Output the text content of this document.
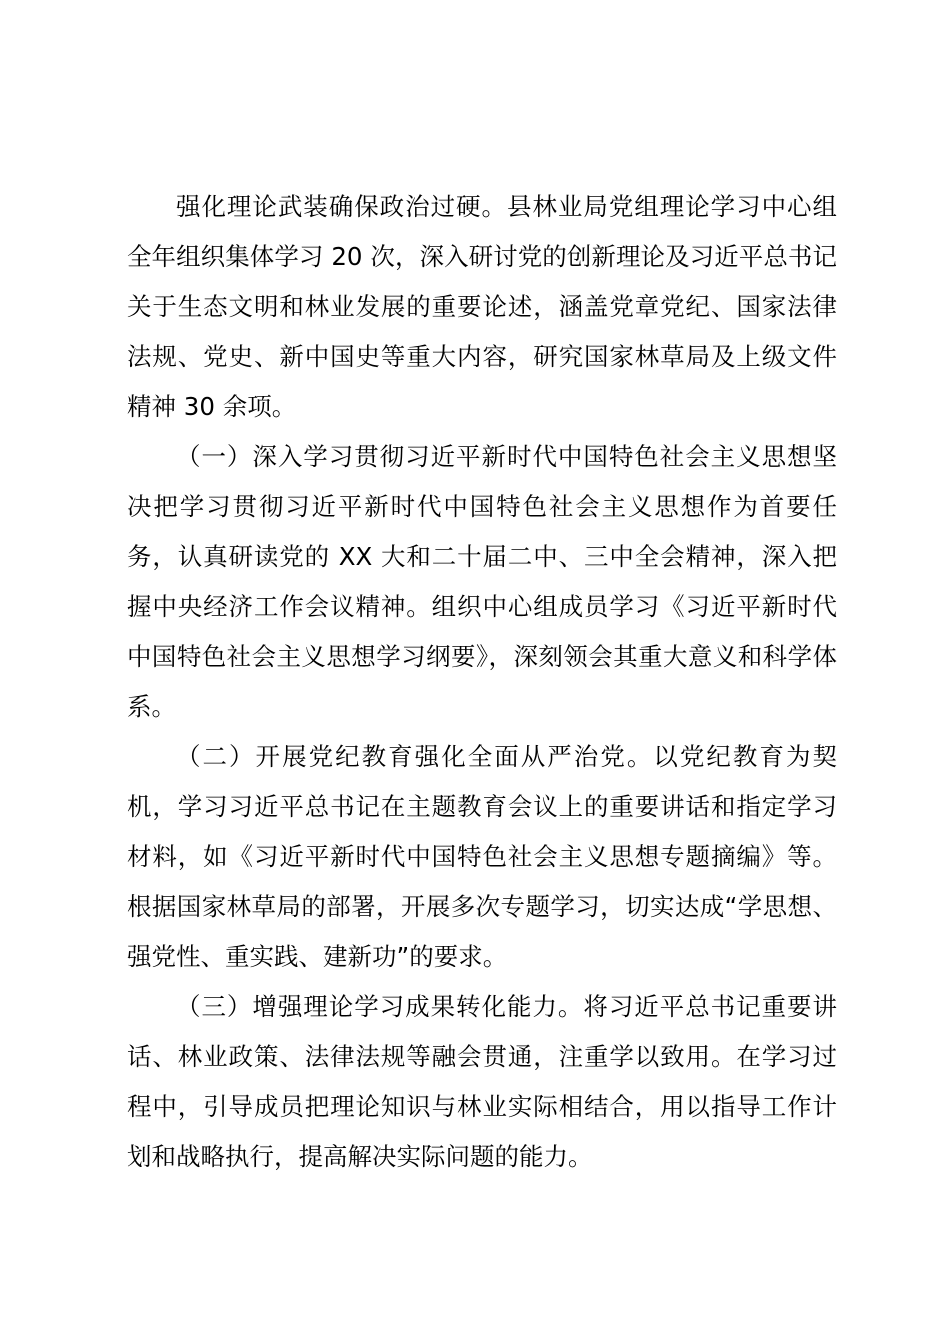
强化理论武装确保政治过硬。县林业局党组理论学习中心组全年组织集体学习 20 次，深入研讨党的创新理论及习近平总书记关于生态文明和林业发展的重要论述，涵盖党章党纪、国家法律法规、党史、新中国史等重大内容，研究国家林草局及上级文件精神 30 余项。

（一）深入学习贯彻习近平新时代中国特色社会主义思想坚决把学习贯彻习近平新时代中国特色社会主义思想作为首要任务，认真研读党的 XX 大和二十届二中、三中全会精神，深入把握中央经济工作会议精神。组织中心组成员学习《习近平新时代中国特色社会主义思想学习纲要》，深刻领会其重大意义和科学体系。

（二）开展党纪教育强化全面从严治党。以党纪教育为契机，学习习近平总书记在主题教育会议上的重要讲话和指定学习材料，如《习近平新时代中国特色社会主义思想专题摘编》等。根据国家林草局的部署，开展多次专题学习，切实达成“学思想、强党性、重实践、建新功”的要求。

（三）增强理论学习成果转化能力。将习近平总书记重要讲话、林业政策、法律法规等融会贯通，注重学以致用。在学习过程中，引导成员把理论知识与林业实际相结合，用以指导工作计划和战略执行，提高解决实际问题的能力。
